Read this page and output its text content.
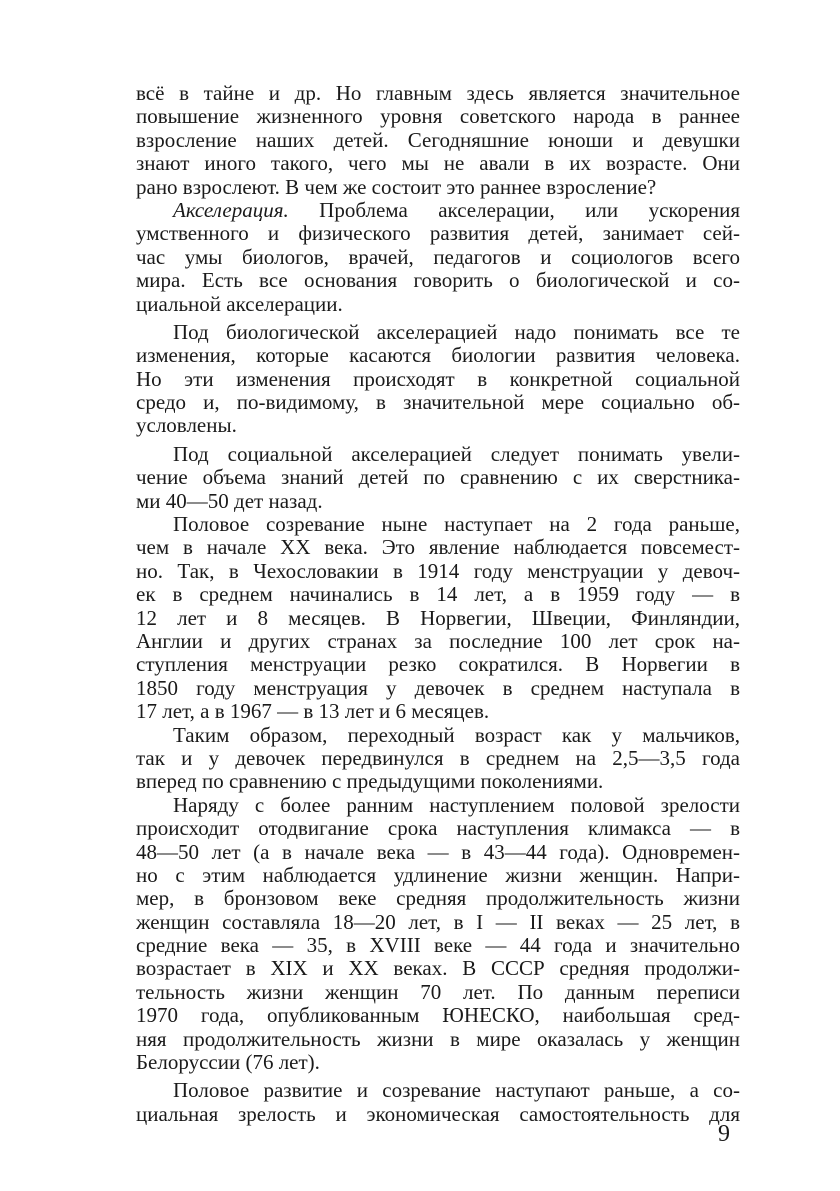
всё в тайне и др. Но главным здесь является значительное
повышение жизненного уровня советского народа в раннее
взросление наших детей. Сегодняшние юноши и девушки
знают иного такого, чего мы не авали в их возрасте. Они
рано взрослеют. В чем же состоит это раннее взросление?
Акселерация. Проблема акселерации, или ускорения
умственного и физического развития детей, занимает сей-
час умы биологов, врачей, педагогов и социологов всего
мира. Есть все основания говорить о биологической и со-
циальной акселерации.
Под биологической акселерацией надо понимать все те
изменения, которые касаются биологии развития человека.
Но эти изменения происходят в конкретной социальной
средо и, по-видимому, в значительной мере социально об-
условлены.
Под социальной акселерацией следует понимать увели-
чение объема знаний детей по сравнению с их сверстника-
ми 40—50 дет назад.
Половое созревание ныне наступает на 2 года раньше,
чем в начале XX века. Это явление наблюдается повсемест-
но. Так, в Чехословакии в 1914 году менструации у девоч-
ек в среднем начинались в 14 лет, а в 1959 году — в
12 лет и 8 месяцев. В Норвегии, Швеции, Финляндии,
Англии и других странах за последние 100 лет срок на-
ступления менструации резко сократился. В Норвегии в
1850 году менструация у девочек в среднем наступала в
17 лет, а в 1967 — в 13 лет и 6 месяцев.
Таким образом, переходный возраст как у мальчиков,
так и у девочек передвинулся в среднем на 2,5—3,5 года
вперед по сравнению с предыдущими поколениями.
Наряду с более ранним наступлением половой зрелости
происходит отодвигание срока наступления климакса — в
48—50 лет (а в начале века — в 43—44 года). Одновремен-
но с этим наблюдается удлинение жизни женщин. Напри-
мер, в бронзовом веке средняя продолжительность жизни
женщин составляла 18—20 лет, в I — II веках — 25 лет, в
средние века — 35, в XVIII веке — 44 года и значительно
возрастает в XIX и XX веках. В СССР средняя продолжи-
тельность жизни женщин 70 лет. По данным переписи
1970 года, опубликованным ЮНЕСКО, наибольшая сред-
няя продолжительность жизни в мире оказалась у женщин
Белоруссии (76 лет).
Половое развитие и созревание наступают раньше, а со-
циальная зрелость и экономическая самостоятельность для
9
